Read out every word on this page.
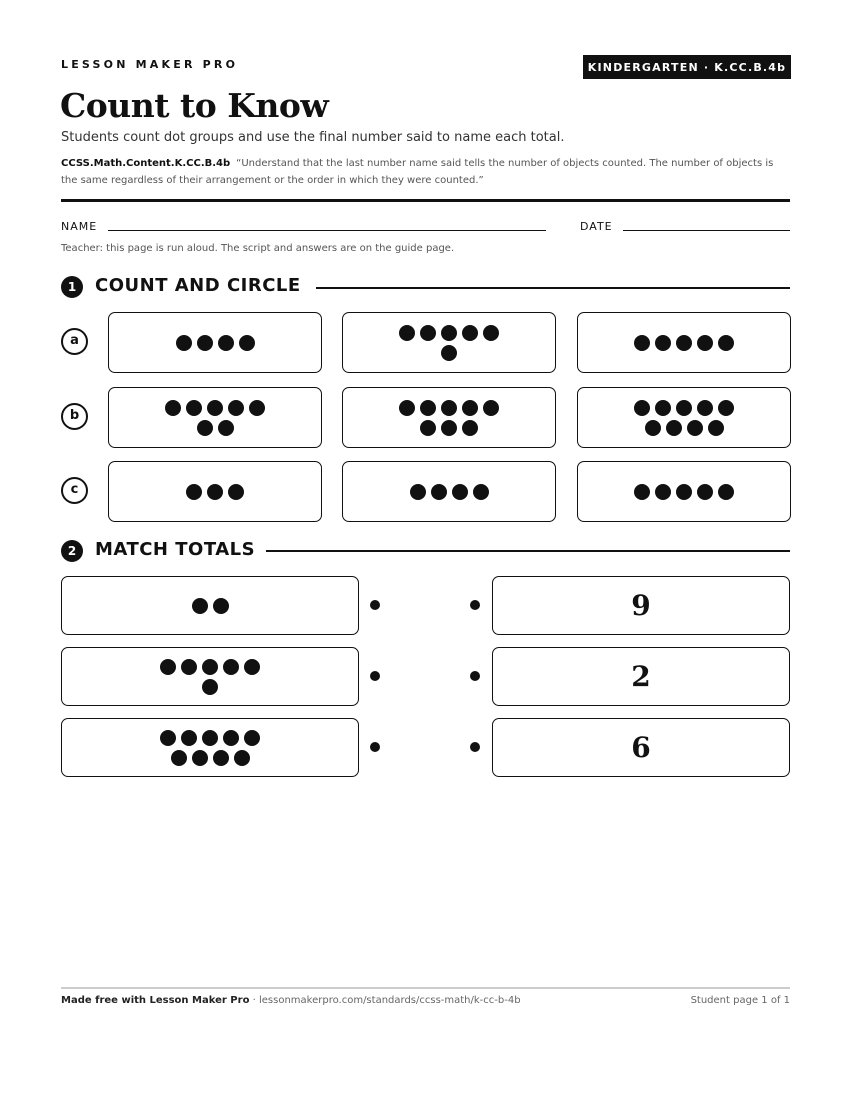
LESSON MAKER PRO	KINDERGARTEN · K.CC.B.4b
Count to Know

Students count dot groups and use the final number said to name each total.

CCSS.Math.Content.K.CC.B.4b “Understand that the last number name said tells the number of objects counted. The number of objects is the same regardless of their arrangement or the order in which they were counted.”

NAME	DATE

Teacher: this page is run aloud. The script and answers are on the guide page.

1	COUNT AND CIRCLE
a
b
c
2	MATCH TOTALS
9
2
6
Made free with Lesson Maker Pro · lessonmakerpro.com/standards/ccss-math/k-cc-b-4b	Student page 1 of 1
